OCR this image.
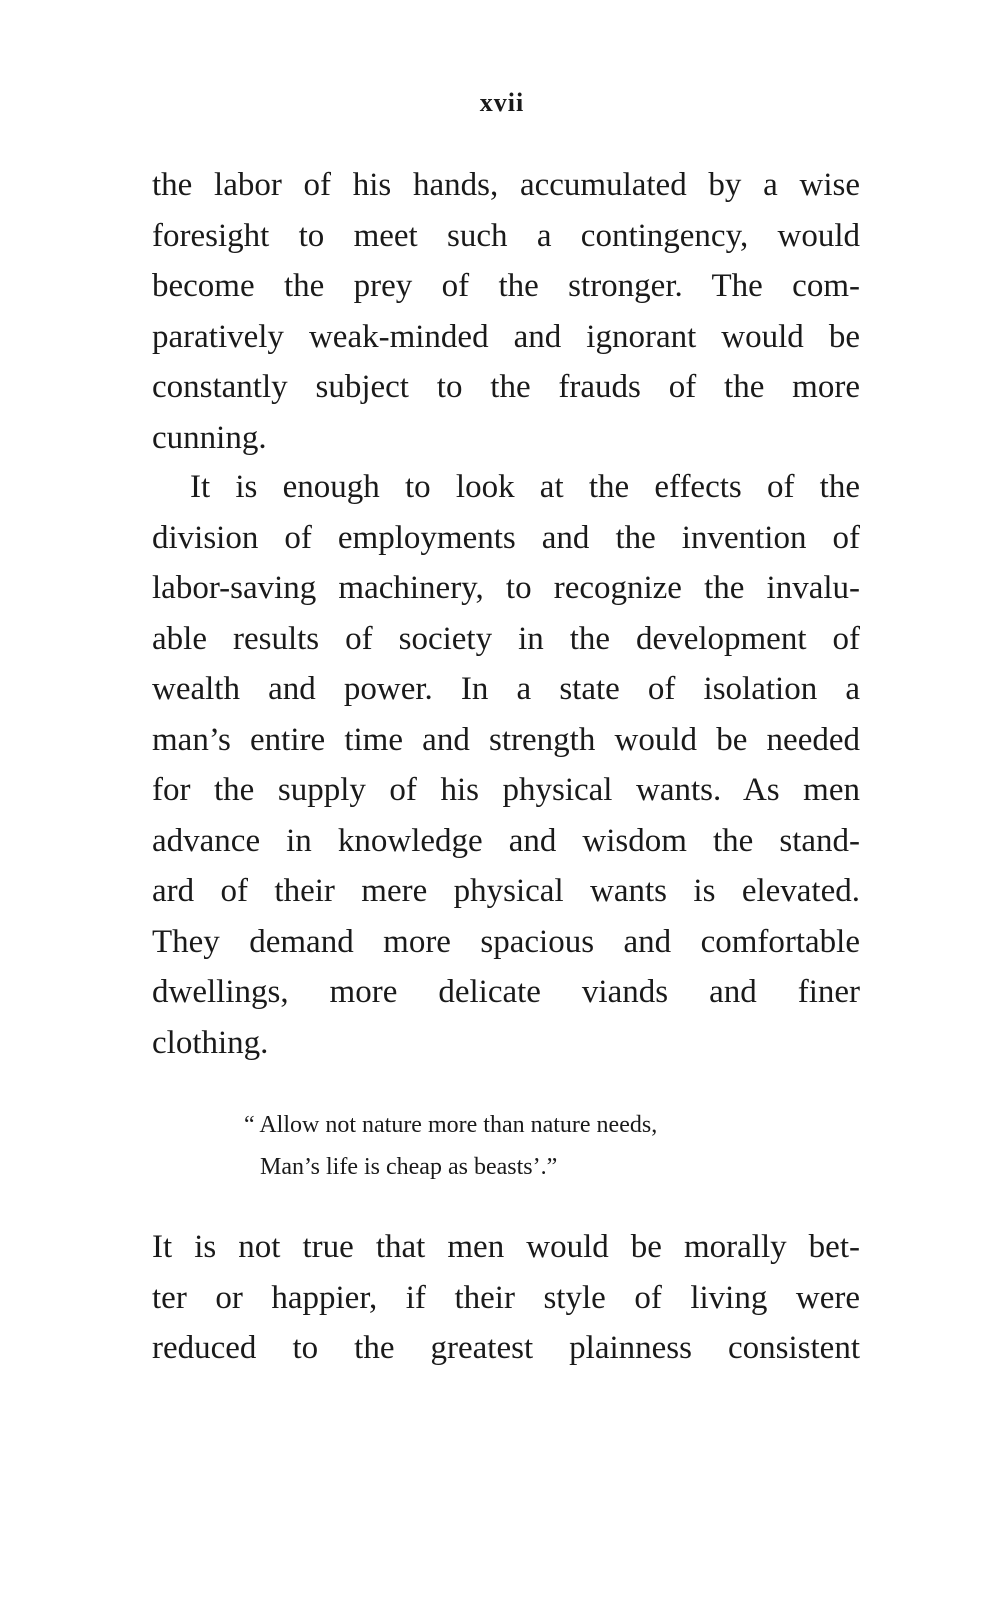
xvii
the labor of his hands, accumulated by a wise
foresight to meet such a contingency, would
become the prey of the stronger. The com-
paratively weak-minded and ignorant would be
constantly subject to the frauds of the more
cunning.
It is enough to look at the effects of the
division of employments and the invention of
labor-saving machinery, to recognize the invalu-
able results of society in the development of
wealth and power. In a state of isolation a
man’s entire time and strength would be needed
for the supply of his physical wants. As men
advance in knowledge and wisdom the stand-
ard of their mere physical wants is elevated.
They demand more spacious and comfortable
dwellings, more delicate viands and finer
clothing.
“ Allow not nature more than nature needs,
Man’s life is cheap as beasts’.”
It is not true that men would be morally bet-
ter or happier, if their style of living were
reduced to the greatest plainness consistent
